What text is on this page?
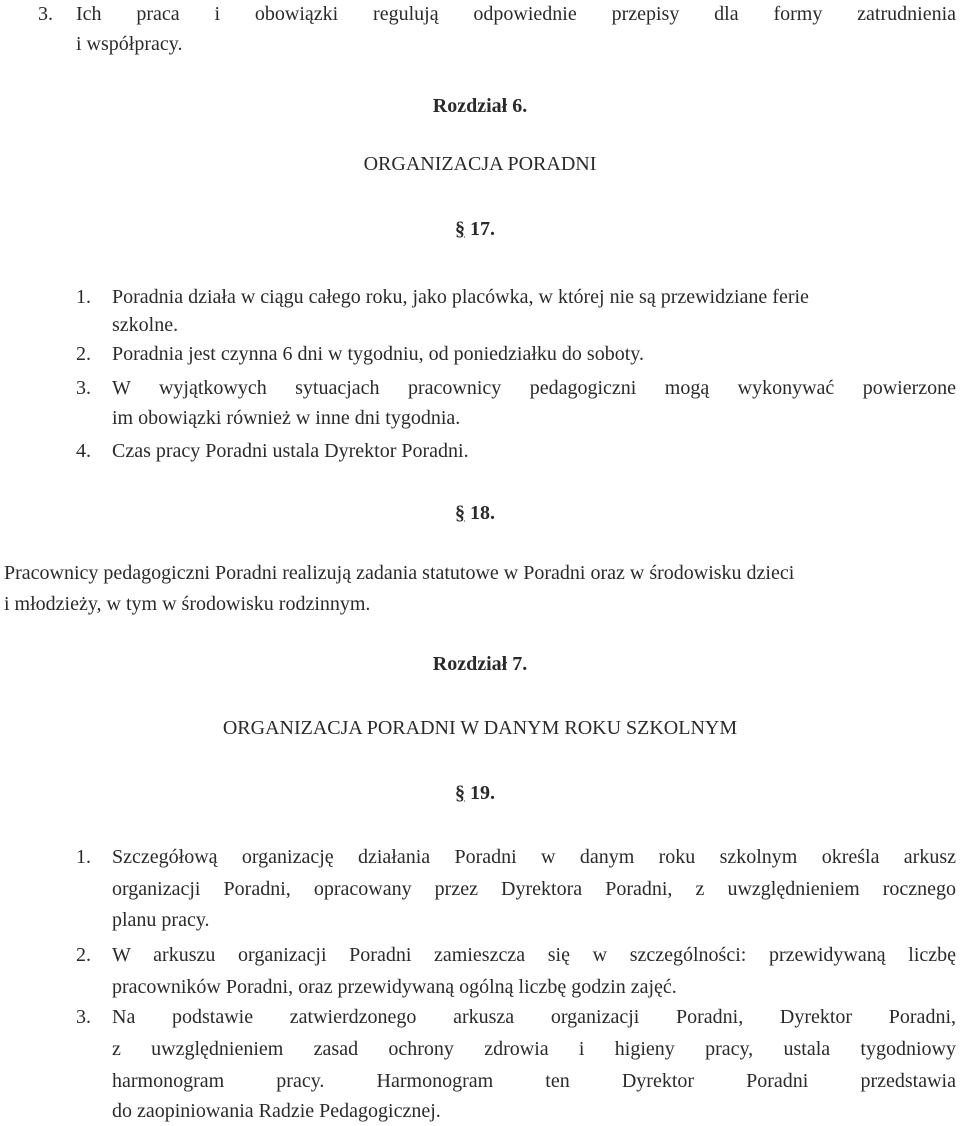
3. Ich praca i obowiązki regulują odpowiednie przepisy dla formy zatrudnienia
i współpracy.
Rozdział 6.
ORGANIZACJA PORADNI
§ 17.
1. Poradnia działa w ciągu całego roku, jako placówka, w której nie są przewidziane ferie
szkolne.
2. Poradnia jest czynna 6 dni w tygodniu, od poniedziałku do soboty.
3. W wyjątkowych sytuacjach pracownicy pedagogiczni mogą wykonywać powierzone
im obowiązki również w inne dni tygodnia.
4. Czas pracy Poradni ustala Dyrektor Poradni.
§ 18.
Pracownicy pedagogiczni Poradni realizują zadania statutowe w Poradni oraz w środowisku dzieci
i młodzieży, w tym w środowisku rodzinnym.
Rozdział 7.
ORGANIZACJA PORADNI W DANYM ROKU SZKOLNYM
§ 19.
1. Szczegółową organizację działania Poradni w danym roku szkolnym określa arkusz
organizacji Poradni, opracowany przez Dyrektora Poradni, z uwzględnieniem rocznego
planu pracy.
2. W arkuszu organizacji Poradni zamieszcza się w szczególności: przewidywaną liczbę
pracowników Poradni, oraz przewidywaną ogólną liczbę godzin zajęć.
3. Na podstawie zatwierdzonego arkusza organizacji Poradni, Dyrektor Poradni,
z uwzględnieniem zasad ochrony zdrowia i higieny pracy, ustala tygodniowy
harmonogram pracy. Harmonogram ten Dyrektor Poradni przedstawia
do zaopiniowania Radzie Pedagogicznej.
